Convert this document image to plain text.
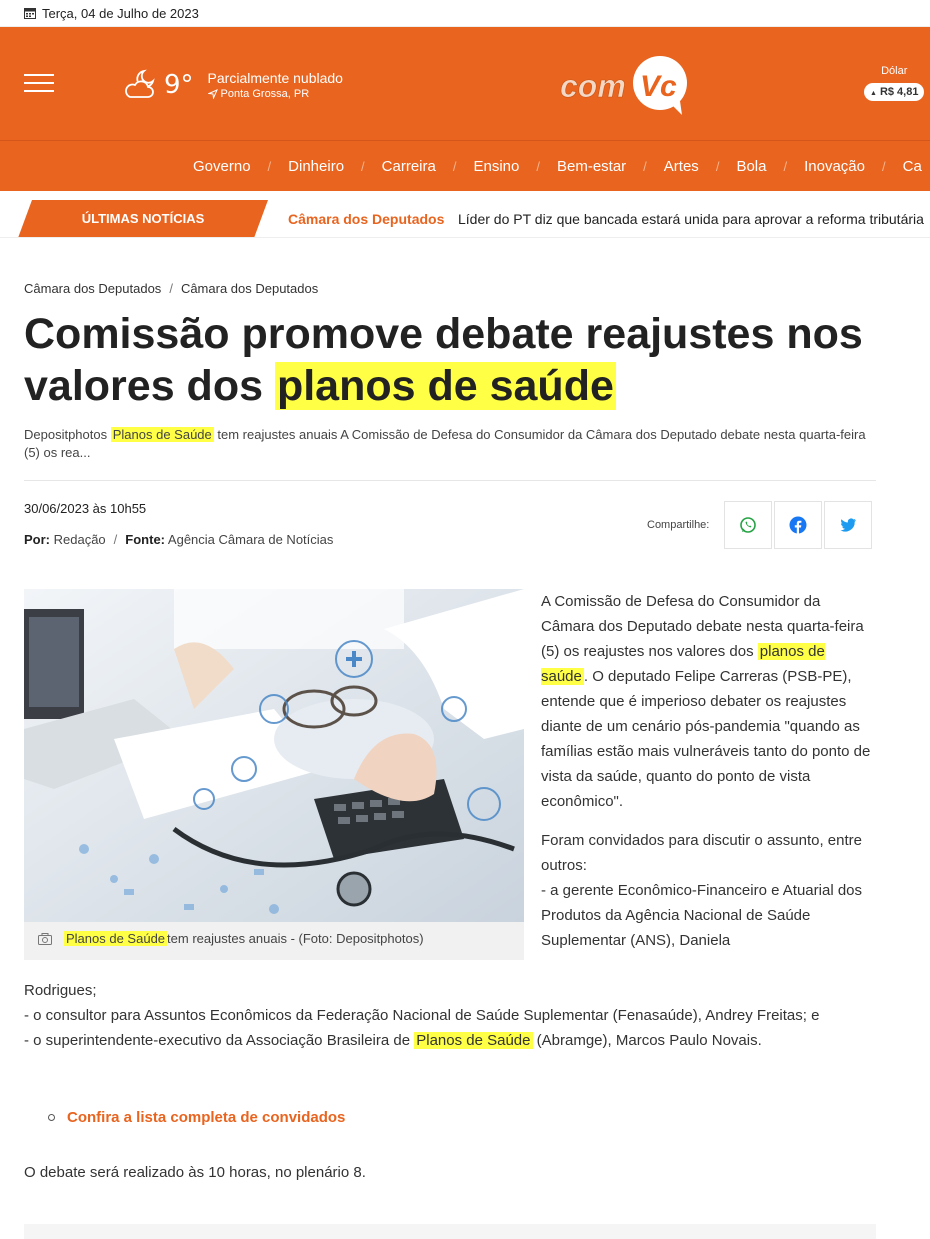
Terça, 04 de Julho de 2023
9° Parcialmente nublado
Ponta Grossa, PR	com Vc	Dólar
▲ R$ 4,81
Governo	/	Dinheiro	/	Carreira	/	Ensino	/	Bem-estar	/	Artes	/	Bola	/	Inovação	/	Ca
ÚLTIMAS NOTÍCIAS	Câmara dos Deputados Líder do PT diz que bancada estará unida para aprovar a reforma tributária
Câmara dos Deputados / Câmara dos Deputados
Comissão promove debate reajustes nos valores dos planos de saúde
Depositphotos Planos de Saúde tem reajustes anuais A Comissão de Defesa do Consumidor da Câmara dos Deputado debate nesta quarta-feira (5) os rea...
30/06/2023 às 10h55
Por: Redação / Fonte: Agência Câmara de Notícias
Compartilhe:
Planos de Saúde tem reajustes anuais - (Foto: Depositphotos)

A Comissão de Defesa do Consumidor da Câmara dos Deputado debate nesta quarta-feira (5) os reajustes nos valores dos planos de saúde . O deputado Felipe Carreras (PSB-PE), entende que é imperioso debater os reajustes diante de um cenário pós-pandemia "quando as famílias estão mais vulneráveis tanto do ponto de vista da saúde, quanto do ponto de vista econômico".

Foram convidados para discutir o assunto, entre outros:
- a gerente Econômico-Financeiro e Atuarial dos Produtos da Agência Nacional de Saúde Suplementar (ANS), Daniela

Rodrigues;
- o consultor para Assuntos Econômicos da Federação Nacional de Saúde Suplementar (Fenasaúde), Andrey Freitas; e
- o superintendente-executivo da Associação Brasileira de Planos de Saúde (Abramge), Marcos Paulo Novais.
Confira a lista completa de convidados
O debate será realizado às 10 horas, no plenário 8.
